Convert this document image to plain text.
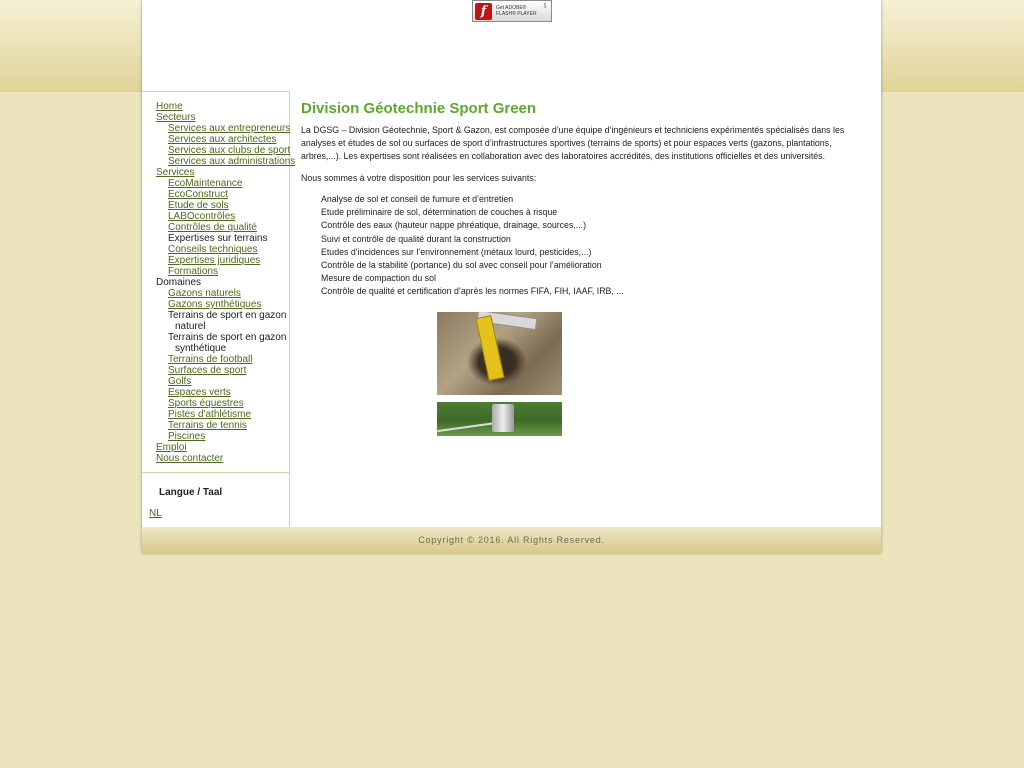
f	Get ADOBE®
FLASH® PLAYER
⇩
Home
Secteurs
Services aux entrepreneurs
Services aux architectes
Services aux clubs de sport
Services aux administrations
Services
EcoMaintenance
EcoConstruct
Etude de sols
LABOcontrôles
Contrôles de qualité
Expertises sur terrains
Conseils techniques
Expertises juridiques
Formations
Domaines
Gazons naturels
Gazons synthétiques
Terrains de sport en gazon
naturel
Terrains de sport en gazon
synthétique
Terrains de football
Surfaces de sport
Golfs
Espaces verts
Sports équestres
Pistes d'athlétisme
Terrains de tennis
Piscines
Emploi
Nous contacter
Langue / Taal
NL
Division Géotechnie Sport Green

La DGSG – Division Géotechnie, Sport & Gazon, est composée d’une équipe d’ingénieurs et techniciens expérimentés spécialisés dans les analyses et études de sol ou surfaces de sport d’infrastructures sportives (terrains de sports) et pour espaces verts (gazons, plantations, arbres,...). Les expertises sont réalisées en collaboration avec des laboratoires accrédités, des institutions officielles et des universités.

Nous sommes à votre disposition pour les services suivants:

Analyse de sol et conseil de fumure et d’entretien
Etude préliminaire de sol, détermination de couches à risque
Contrôle des eaux (hauteur nappe phréatique, drainage, sources,...)
Suivi et contrôle de qualité durant la construction
Etudes d’incidences sur l’environnement (métaux lourd, pesticides,...)
Contrôle de la stabilité (portance) du sol avec conseil pour l’amélioration
Mesure de compaction du sol
Contrôle de qualité et certification d’après les normes FIFA, FIH, IAAF, IRB, ...
Copyright © 2016. All Rights Reserved.
